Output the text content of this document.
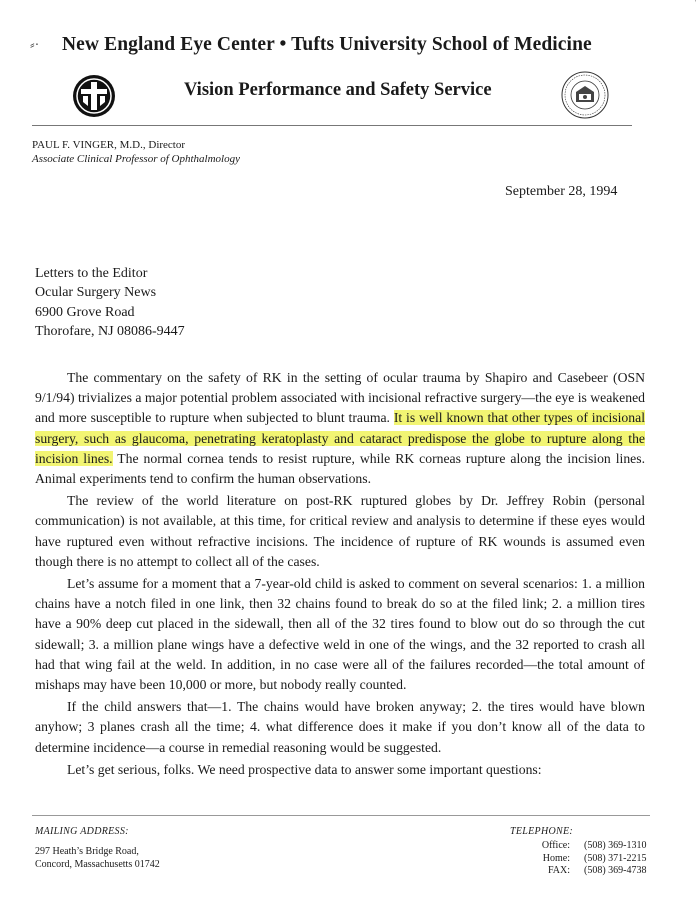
⸗· New England Eye Center • Tufts University School of Medicine
Vision Performance and Safety Service
PAUL F. VINGER, M.D., Director
Associate Clinical Professor of Ophthalmology
September 28, 1994
Letters to the Editor
Ocular Surgery News
6900 Grove Road
Thorofare, NJ 08086-9447

The commentary on the safety of RK in the setting of ocular trauma by Shapiro and Casebeer (OSN 9/1/94) trivializes a major potential problem associated with incisional refractive surgery—the eye is weakened and more susceptible to rupture when subjected to blunt trauma. It is well known that other types of incisional surgery, such as glaucoma, penetrating keratoplasty and cataract predispose the globe to rupture along the incision lines. The normal cornea tends to resist rupture, while RK corneas rupture along the incision lines. Animal experiments tend to confirm the human observations.

The review of the world literature on post-RK ruptured globes by Dr. Jeffrey Robin (personal communication) is not available, at this time, for critical review and analysis to determine if these eyes would have ruptured even without refractive incisions. The incidence of rupture of RK wounds is assumed even though there is no attempt to collect all of the cases.

Let’s assume for a moment that a 7-year-old child is asked to comment on several scenarios: 1. a million chains have a notch filed in one link, then 32 chains found to break do so at the filed link; 2. a million tires have a 90% deep cut placed in the sidewall, then all of the 32 tires found to blow out do so through the cut sidewall; 3. a million plane wings have a defective weld in one of the wings, and the 32 reported to crash all had that wing fail at the weld. In addition, in no case were all of the failures recorded—the total amount of mishaps may have been 10,000 or more, but nobody really counted.

If the child answers that—1. The chains would have broken anyway; 2. the tires would have blown anyhow; 3 planes crash all the time; 4. what difference does it make if you don’t know all of the data to determine incidence—a course in remedial reasoning would be suggested.

Let’s get serious, folks. We need prospective data to answer some important questions:

MAILING ADDRESS:
297 Heath’s Bridge Road,
Concord, Massachusetts 01742
TELEPHONE:
Office:	(508) 369-1310
Home:	(508) 371-2215
FAX:	(508) 369-4738
